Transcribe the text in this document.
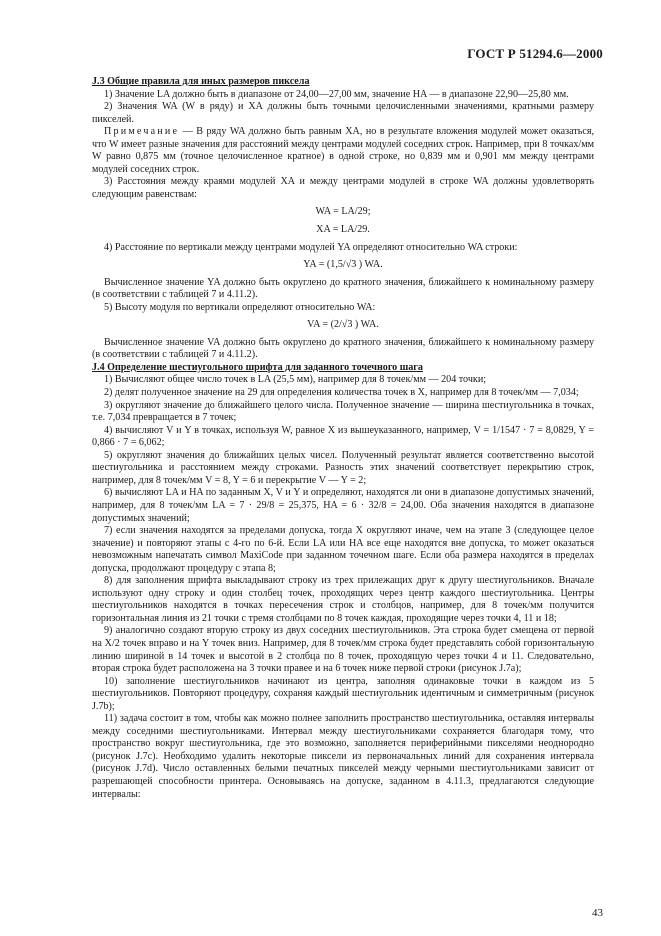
ГОСТ Р 51294.6—2000
J.3 Общие правила для иных размеров пиксела

1) Значение LA должно быть в диапазоне от 24,00—27,00 мм, значение HA — в диапазоне 22,90—25,80 мм.

2) Значения WA (W в ряду) и XA должны быть точными целочисленными значениями, кратными размеру пикселей.

Примечание — В ряду WA должно быть равным XA, но в результате вложения модулей может оказаться, что W имеет разные значения для расстояний между центрами модулей соседних строк. Например, при 8 точках/мм W равно 0,875 мм (точное целочисленное кратное) в одной строке, но 0,839 мм и 0,901 мм между центрами модулей соседних строк.

3) Расстояния между краями модулей XA и между центрами модулей в строке WA должны удовлетворять следующим равенствам:

WA = LA/29;

XA = LA/29.

4) Расстояние по вертикали между центрами модулей YA определяют относительно WA строки:

YA = (1,5/√3 ) WA.

Вычисленное значение YA должно быть округлено до кратного значения, ближайшего к номинальному размеру (в соответствии с таблицей 7 и 4.11.2).

5) Высоту модуля по вертикали определяют относительно WA:

VA = (2/√3 ) WA.

Вычисленное значение VA должно быть округлено до кратного значения, ближайшего к номинальному размеру (в соответствии с таблицей 7 и 4.11.2).

J.4 Определение шестиугольного шрифта для заданного точечного шага

1) Вычисляют общее число точек в LA (25,5 мм), например для 8 точек/мм — 204 точки;

2) делят полученное значение на 29 для определения количества точек в X, например для 8 точек/мм — 7,034;

3) округляют значение до ближайшего целого числа. Полученное значение — ширина шестиугольника в точках, т.е. 7,034 превращается в 7 точек;

4) вычисляют V и Y в точках, используя W, равное X из вышеуказанного, например, V = 1/1547 · 7 = 8,0829, Y = 0,866 · 7 = 6,062;

5) округляют значения до ближайших целых чисел. Полученный результат является соответственно высотой шестиугольника и расстоянием между строками. Разность этих значений соответствует перекрытию строк, например, для 8 точек/мм V = 8, Y = 6 и перекрытие V — Y = 2;

6) вычисляют LA и HA по заданным X, V и Y и определяют, находятся ли они в диапазоне допустимых значений, например, для 8 точек/мм LA = 7 · 29/8 = 25,375, HA = 6 · 32/8 = 24,00. Оба значения находятся в диапазоне допустимых значений;

7) если значения находятся за пределами допуска, тогда X округляют иначе, чем на этапе 3 (следующее целое значение) и повторяют этапы с 4-го по 6-й. Если LA или HA все еще находятся вне допуска, то может оказаться невозможным напечатать символ MaxiCode при заданном точечном шаге. Если оба размера находятся в пределах допуска, продолжают процедуру с этапа 8;

8) для заполнения шрифта выкладывают строку из трех прилежащих друг к другу шестиугольников. Вначале используют одну строку и один столбец точек, проходящих через центр каждого шестиугольника. Центры шестиугольников находятся в точках пересечения строк и столбцов, например, для 8 точек/мм получится горизонтальная линия из 21 точки с тремя столбцами по 8 точек каждая, проходящие через точки 4, 11 и 18;

9) аналогично создают вторую строку из двух соседних шестиугольников. Эта строка будет смещена от первой на X/2 точек вправо и на Y точек вниз. Например, для 8 точек/мм строка будет представлять собой горизонтальную линию шириной в 14 точек и высотой в 2 столбца по 8 точек, проходящую через точки 4 и 11. Следовательно, вторая строка будет расположена на 3 точки правее и на 6 точек ниже первой строки (рисунок J.7a);

10) заполнение шестиугольников начинают из центра, заполняя одинаковые точки в каждом из 5 шестиугольников. Повторяют процедуру, сохраняя каждый шестиугольник идентичным и симметричным (рисунок J.7b);

11) задача состоит в том, чтобы как можно полнее заполнить пространство шестиугольника, оставляя интервалы между соседними шестиугольниками. Интервал между шестиугольниками сохраняется благодаря тому, что пространство вокруг шестиугольника, где это возможно, заполняется периферийными пикселями неоднородно (рисунок J.7c). Необходимо удалить некоторые пиксели из первоначальных линий для сохранения интервала (рисунок J.7d). Число оставленных белыми печатных пикселей между черными шестиугольниками зависит от разрешающей способности принтера. Основываясь на допуске, заданном в 4.11.3, предлагаются следующие интервалы:

43
